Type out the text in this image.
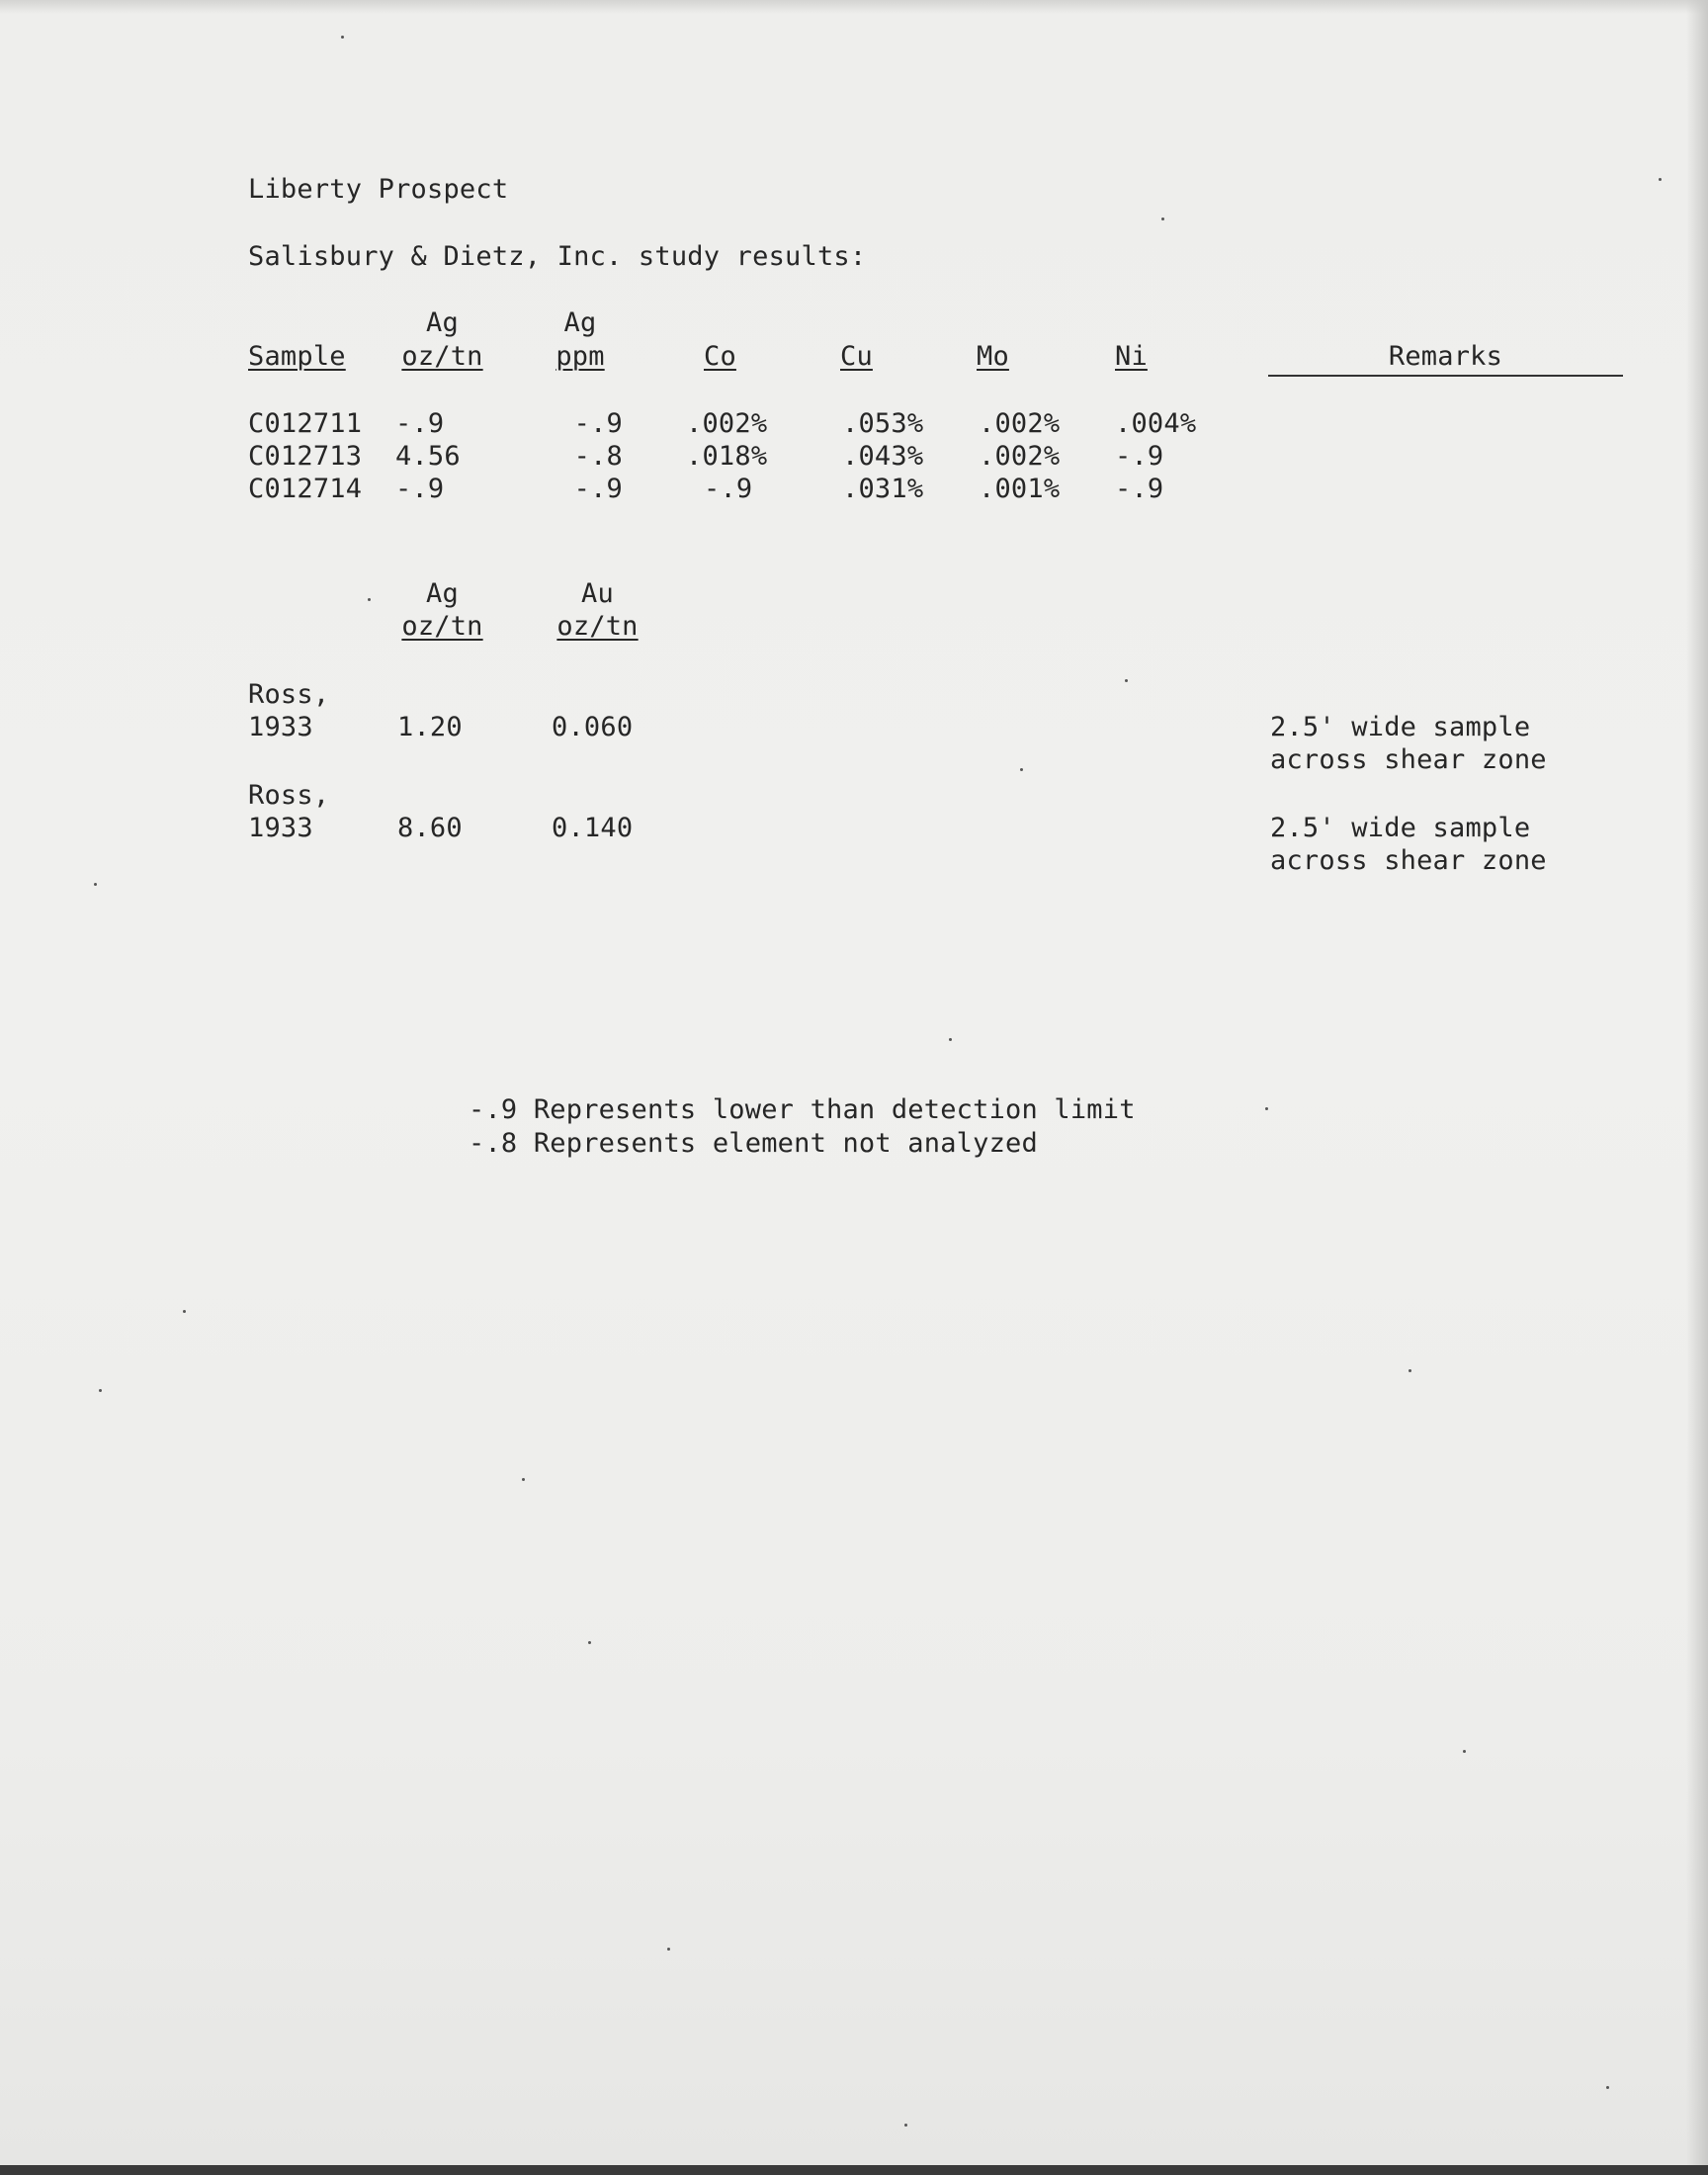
Liberty Prospect
Salisbury & Dietz, Inc. study results:
Ag	Ag
Sample oz/tn	ppm	Co	Cu	Mo	Ni	Remarks
C012711 -.9	-.9 .002%	.053% .002% .004%
C012713 4.56	-.8 .018%	.043% .002% -.9
C012714 -.9	-.9	-.9	.031% .001% -.9
Ag	Au
oz/tn	oz/tn
Ross,
1933	1.20	0.060	2.5' wide sample
across shear zone
Ross,
1933	8.60	0.140	2.5' wide sample
across shear zone
-.9 Represents lower than detection limit
-.8 Represents element not analyzed
